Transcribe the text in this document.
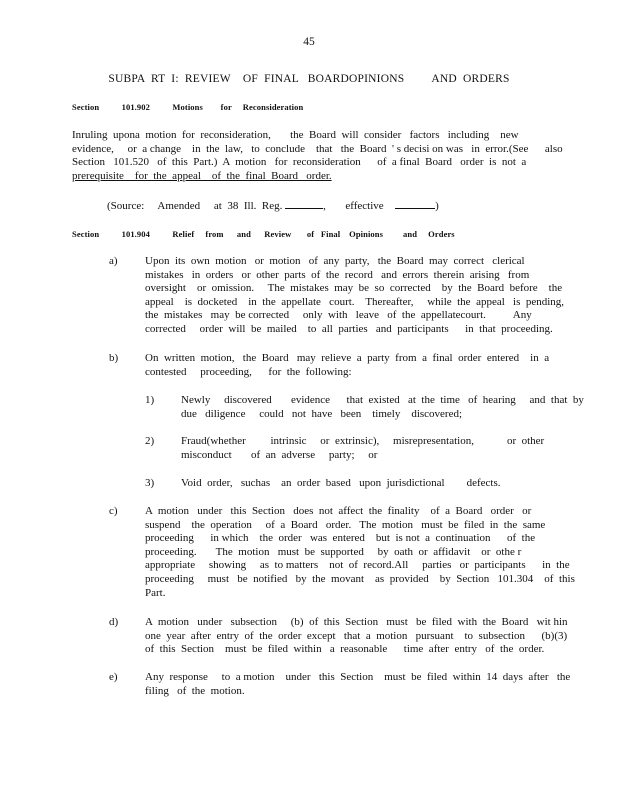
45
SUBPA  RT  I:  REVIEW    OF  FINAL   BOARDOPINIONS         AND  ORDERS
Section	101.902	Motions        for     Reconsideration

Inruling  upona  motion  for  reconsideration,       the  Board  will  consider   factors   including    new

evidence,     or  a change    in  the  law,   to  conclude    that   the  Board  ' s decisi on was   in  error.(See      also

Section   101.520   of  this  Part.)  A  motion   for  reconsideration      of  a final  Board   order  is  not  a

prerequisite    for  the  appeal    of  the  final  Board   order.

(Source:     Amended     at  38  Ill.  Reg.	,  effective	)
Section	101.904	Relief     from      and      Review       of   Final    Opinions         and     Orders
a) Upon  its  own  motion   or  motion   of  any  party,   the  Board  may  correct   clerical
mistakes   in  orders   or  other  parts  of  the  record   and  errors  therein  arising   from
oversight    or  omission.     The  mistakes  may  be  so  corrected    by  the  Board  before    the
appeal    is  docketed    in  the  appellate   court.    Thereafter,     while  the  appeal   is  pending,
the  mistakes   may  be corrected     only  with   leave   of  the  appellatecourt.          Any
corrected     order  will  be  mailed    to  all  parties   and  participants      in  that  proceeding.
b) On  written  motion,   the  Board   may  relieve  a  party  from  a  final  order  entered    in  a
contested     proceeding,      for  the  following:
1) Newly     discovered       evidence      that  existed   at  the  time   of  hearing     and  that  by
due   diligence     could   not  have   been    timely    discovered;
2) Fraud(whether         intrinsic     or  extrinsic),     misrepresentation,            or  other
misconduct       of  an  adverse     party;     or
3) Void  order,   suchas    an  order  based   upon  jurisdictional        defects.
c) A  motion   under   this  Section   does  not  affect  the  finality    of  a  Board   order   or
suspend    the  operation     of  a  Board   order.   The  motion   must  be  filed  in  the  same
proceeding      in which    the  order   was  entered    but  is not  a  continuation      of  the
proceeding.       The  motion   must  be  supported     by  oath  or  affidavit    or  othe r
appropriate     showing     as  to matters    not  of  record.All     parties   or  participants      in  the
proceeding     must   be  notified   by  the  movant    as  provided    by  Section   101.304    of  this
Part.
d) A  motion   under   subsection     (b)  of  this  Section   must   be  filed  with  the  Board   wit hin
one  year  after  entry  of  the  order  except   that  a  motion   pursuant    to  subsection      (b)(3)
of  this  Section    must  be  filed  within   a  reasonable      time  after  entry   of  the  order.
e) Any  response     to  a motion    under   this  Section    must  be  filed  within  14  days  after   the
filing   of  the  motion.
